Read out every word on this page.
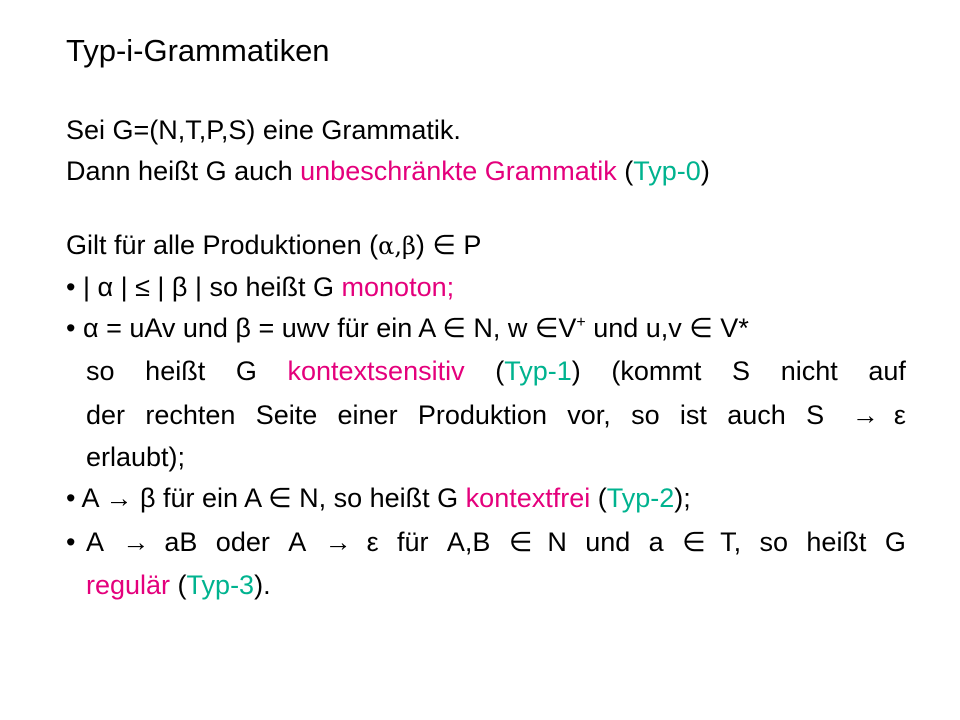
Typ-i-Grammatiken
Sei G=(N,T,P,S) eine Grammatik.
Dann heißt G auch unbeschränkte Grammatik (Typ-0)
Gilt für alle Produktionen (α,β) ∈ P
• | α | ≤ | β | so heißt G monoton;
• α = uAv und β = uwv für ein A ∈ N, w ∈V+ und u,v ∈ V*
so heißt G kontextsensitiv (Typ-1) (kommt S nicht auf
der rechten Seite einer Produktion vor, so ist auch S →  ε
erlaubt);
• A → β für ein A ∈ N, so heißt G kontextfrei (Typ-2);
• A →  aB oder A →  ε für A,B ∈  N und a ∈  T, so heißt G
regulär (Typ-3).
